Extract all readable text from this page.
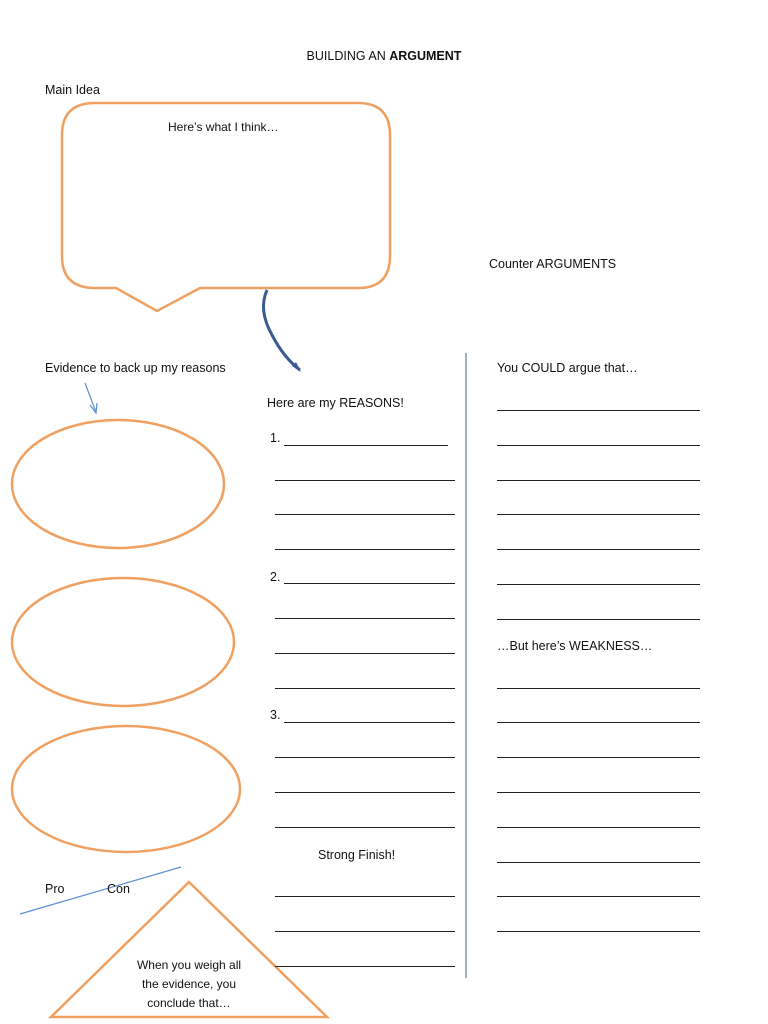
BUILDING AN ARGUMENT
Main Idea
Here’s what I think…
Counter ARGUMENTS
Evidence to back up my reasons
Here are my REASONS!
You COULD argue that…
1.
2.
3.
Strong Finish!
…But here’s WEAKNESS…
Pro	Con
When you weigh all
the evidence, you
conclude that…
